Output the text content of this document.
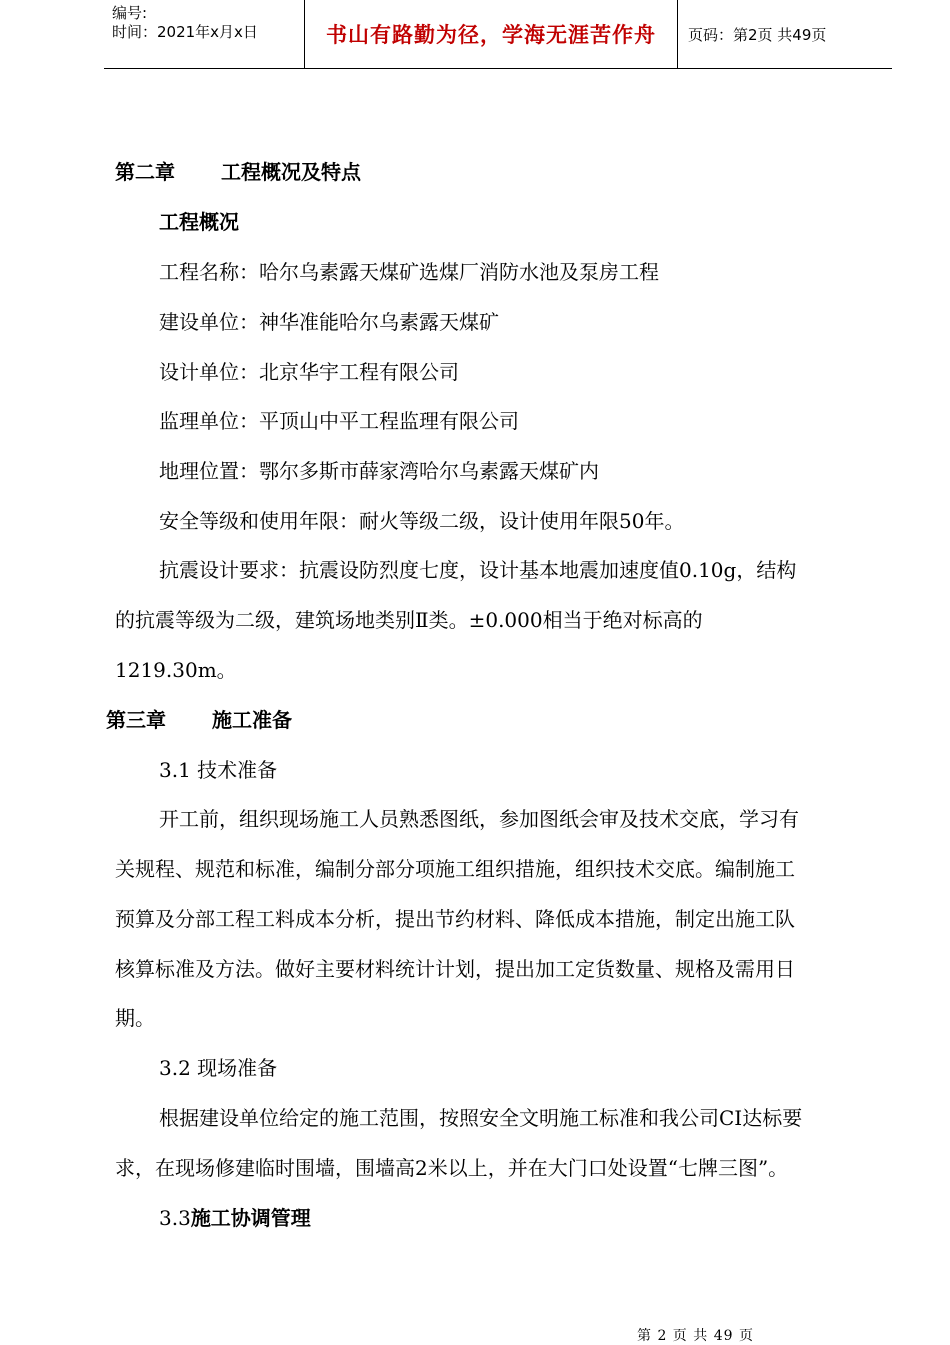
编号:
时间：2021年x月x日	书山有路勤为径，学海无涯苦作舟	页码：第2页 共49页
第二章 工程概况及特点
工程概况
工程名称：哈尔乌素露天煤矿选煤厂消防水池及泵房工程
建设单位：神华准能哈尔乌素露天煤矿
设计单位：北京华宇工程有限公司
监理单位：平顶山中平工程监理有限公司
地理位置：鄂尔多斯市薛家湾哈尔乌素露天煤矿内
安全等级和使用年限：耐火等级二级，设计使用年限50年。
抗震设计要求：抗震设防烈度七度，设计基本地震加速度值0.10g，结构
的抗震等级为二级，建筑场地类别Ⅱ类。±0.000相当于绝对标高的
1219.30m。
第三章 施工准备
3.1 技术准备
开工前，组织现场施工人员熟悉图纸，参加图纸会审及技术交底，学习有
关规程、规范和标准，编制分部分项施工组织措施，组织技术交底。编制施工
预算及分部工程工料成本分析，提出节约材料、降低成本措施，制定出施工队
核算标准及方法。做好主要材料统计计划，提出加工定货数量、规格及需用日
期。
3.2 现场准备
根据建设单位给定的施工范围，按照安全文明施工标准和我公司CI达标要
求，在现场修建临时围墙，围墙高2米以上，并在大门口处设置“七牌三图”。
3.3施工协调管理
第 2 页 共 49 页
